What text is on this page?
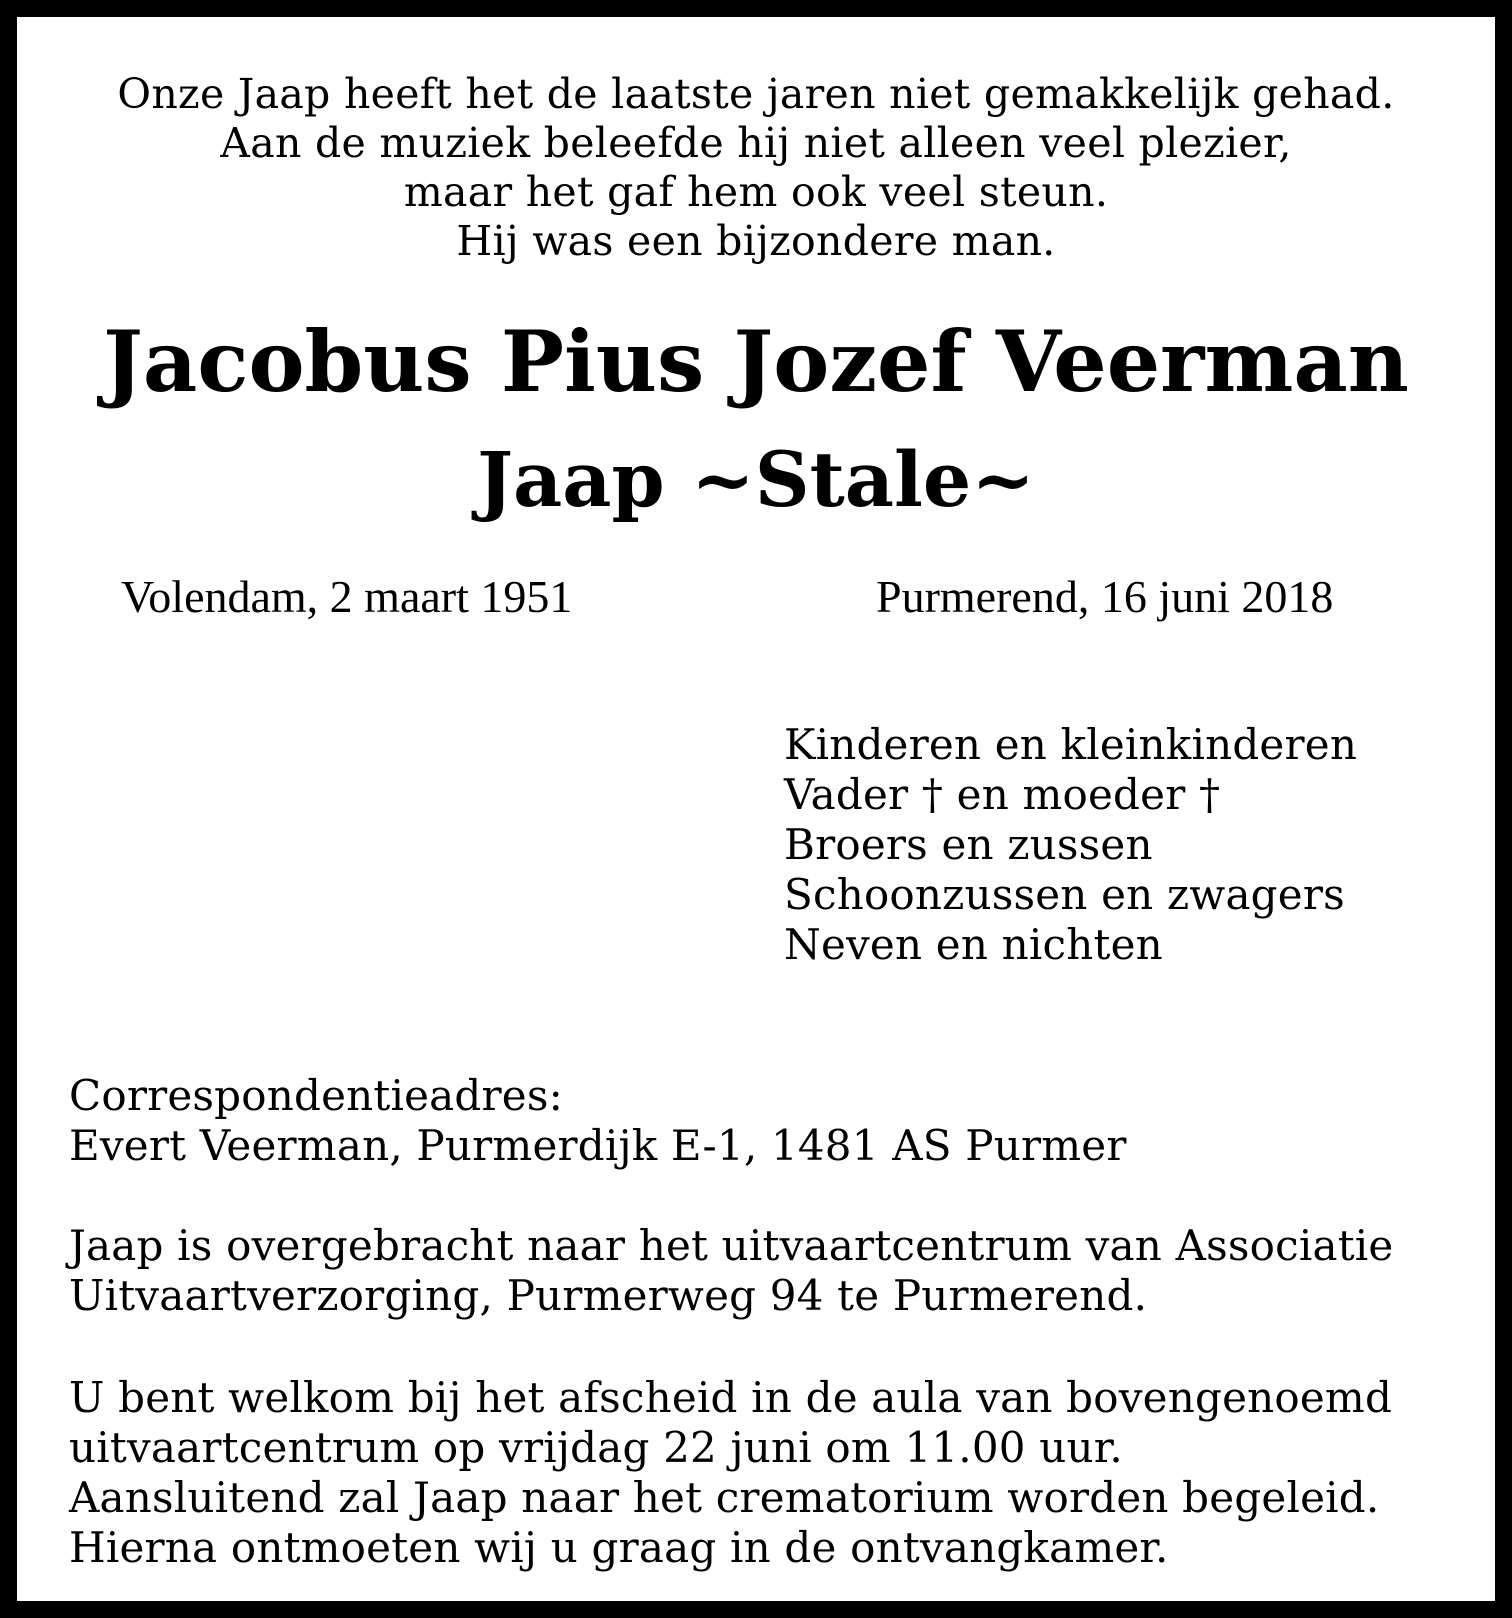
Onze Jaap heeft het de laatste jaren niet gemakkelijk gehad.
Aan de muziek beleefde hij niet alleen veel plezier,
maar het gaf hem ook veel steun.
Hij was een bijzondere man.
Jacobus Pius Jozef Veerman
Jaap ~Stale~
Volendam, 2 maart 1951	Purmerend, 16 juni 2018
Kinderen en kleinkinderen
Vader † en moeder †
Broers en zussen
Schoonzussen en zwagers
Neven en nichten
Correspondentieadres:
Evert Veerman, Purmerdijk E-1, 1481 AS Purmer
Jaap is overgebracht naar het uitvaartcentrum van Associatie
Uitvaartverzorging, Purmerweg 94 te Purmerend.
U bent welkom bij het afscheid in de aula van bovengenoemd
uitvaartcentrum op vrijdag 22 juni om 11.00 uur.
Aansluitend zal Jaap naar het crematorium worden begeleid.
Hierna ontmoeten wij u graag in de ontvangkamer.
